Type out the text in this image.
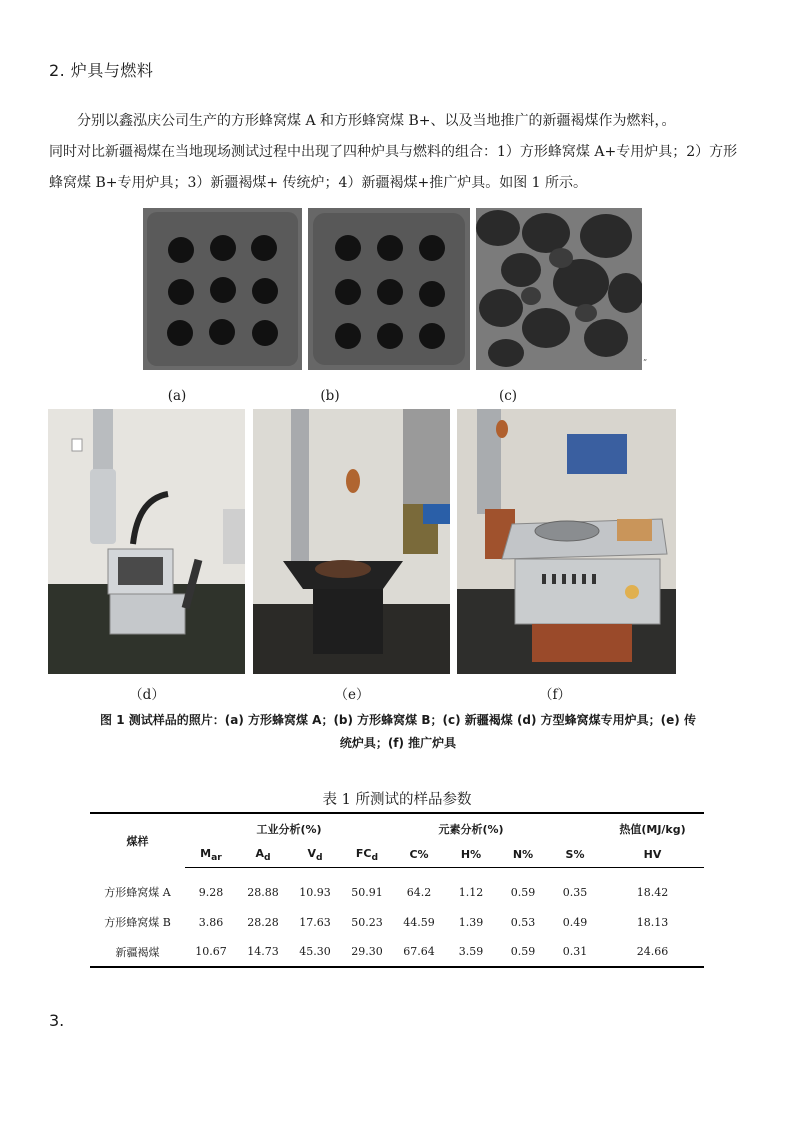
2. 炉具与燃料
分别以鑫泓庆公司生产的方形蜂窝煤 A 和方形蜂窝煤 B+、以及当地推广的新疆褐煤作为燃料，。
同时对比新疆褐煤在当地现场测试过程中出现了四种炉具与燃料的组合：1）方形蜂窝煤 A+专用炉具；2）方形蜂窝煤 B+专用炉具；3）新疆褐煤+ 传统炉；4）新疆褐煤+推广炉具。如图 1 所示。
”
(a)	(b)	(c)
（d）	（e）	（f）
图 1 测试样品的照片：(a) 方形蜂窝煤 A；(b) 方形蜂窝煤 B；(c) 新疆褐煤 (d) 方型蜂窝煤专用炉具；(e) 传
统炉具；(f) 推广炉具
表 1 所测试的样品参数
煤样	工业分析(%)				元素分析(%)				热值(MJ/kg)
	$M_{ar}$	$A_d$	$V_d$	$FC_d$	C%	H%	N%	S%	HV

方形蜂窝煤 A	9.28	28.88	10.93	50.91	64.2	1.12	0.59	0.35	18.42
方形蜂窝煤 B	3.86	28.28	17.63	50.23	44.59	1.39	0.53	0.49	18.13
新疆褐煤	10.67	14.73	45.30	29.30	67.64	3.59	0.59	0.31	24.66
3.
